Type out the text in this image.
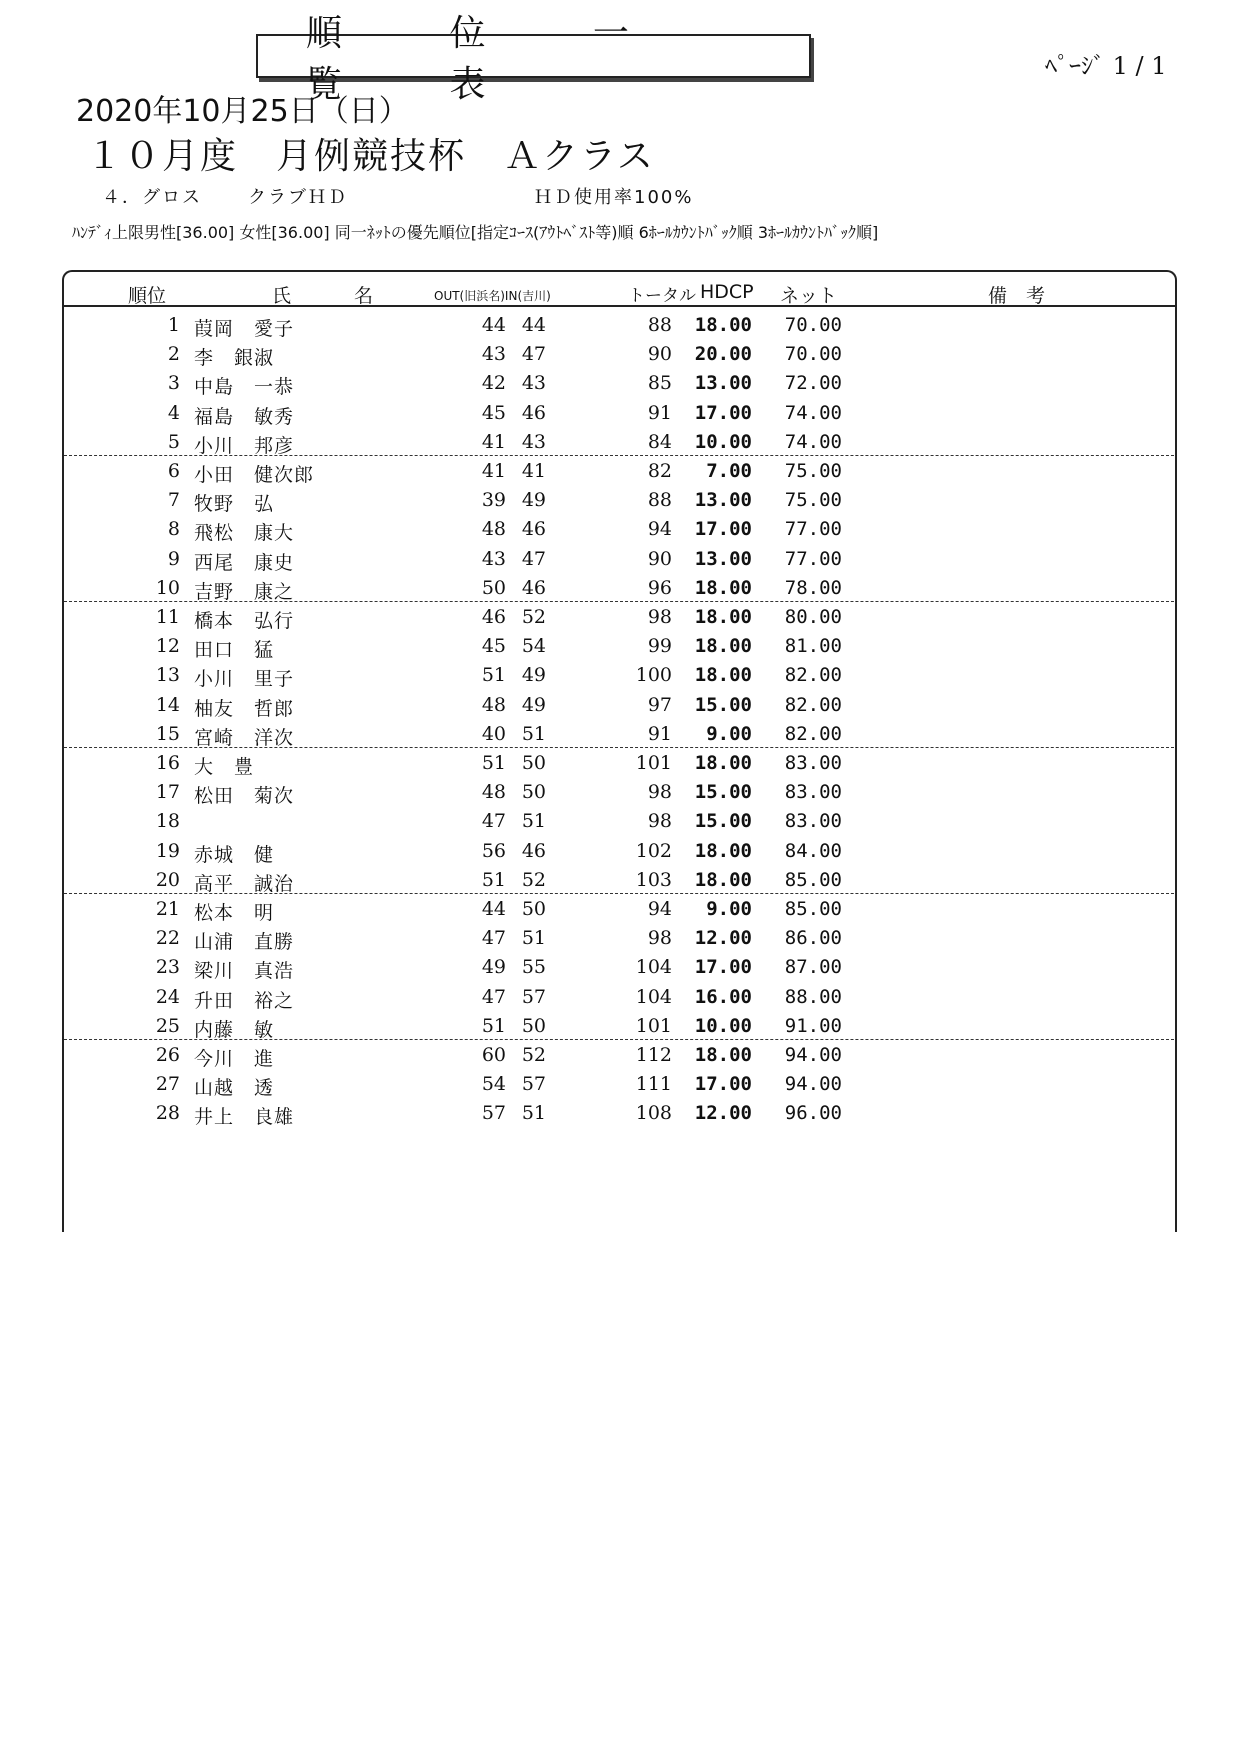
順 位 一 覧 表	ﾍﾟｰｼﾞ 1 / 1
2020年10月25日（日）
１０月度　月例競技杯　Ａクラス
４．グロス	クラブＨＤ	ＨＤ使用率100%
ﾊﾝﾃﾞｨ上限男性[36.00] 女性[36.00] 同一ﾈｯﾄの優先順位[指定ｺｰｽ(ｱｳﾄﾍﾞｽﾄ等)順 6ﾎｰﾙｶｳﾝﾄﾊﾞｯｸ順 3ﾎｰﾙｶｳﾝﾄﾊﾞｯｸ順]
順位	氏	名	OUT(旧浜名)IN(吉川)	トータル HDCP ネット	備　考
1 葭岡　愛子	44 44	88 18.00	70.00
2 李　銀淑	43 47	90 20.00	70.00
3 中島　一恭	42 43	85 13.00	72.00
4 福島　敏秀	45 46	91 17.00	74.00
5 小川　邦彦	41 43	84 10.00	74.00
6 小田　健次郎	41 41	82	7.00	75.00
7 牧野　弘	39 49	88 13.00	75.00
8 飛松　康大	48 46	94 17.00	77.00
9 西尾　康史	43 47	90 13.00	77.00
10 吉野　康之	50 46	96 18.00	78.00
11 橋本　弘行	46 52	98 18.00	80.00
12 田口　猛	45 54	99 18.00	81.00
13 小川　里子	51 49	100 18.00	82.00
14 柚友　哲郎	48 49	97 15.00	82.00
15 宮崎　洋次	40 51	91	9.00	82.00
16 大　豊	51 50	101 18.00	83.00
17 松田　菊次	48 50	98 15.00	83.00
18	47 51	98 15.00	83.00
19 赤城　健	56 46	102 18.00	84.00
20 高平　誠治	51 52	103 18.00	85.00
21 松本　明	44 50	94	9.00	85.00
22 山浦　直勝	47 51	98 12.00	86.00
23 梁川　真浩	49 55	104 17.00	87.00
24 升田　裕之	47 57	104 16.00	88.00
25 内藤　敏	51 50	101 10.00	91.00
26 今川　進	60 52	112 18.00	94.00
27 山越　透	54 57	111 17.00	94.00
28 井上　良雄	57 51	108 12.00	96.00
